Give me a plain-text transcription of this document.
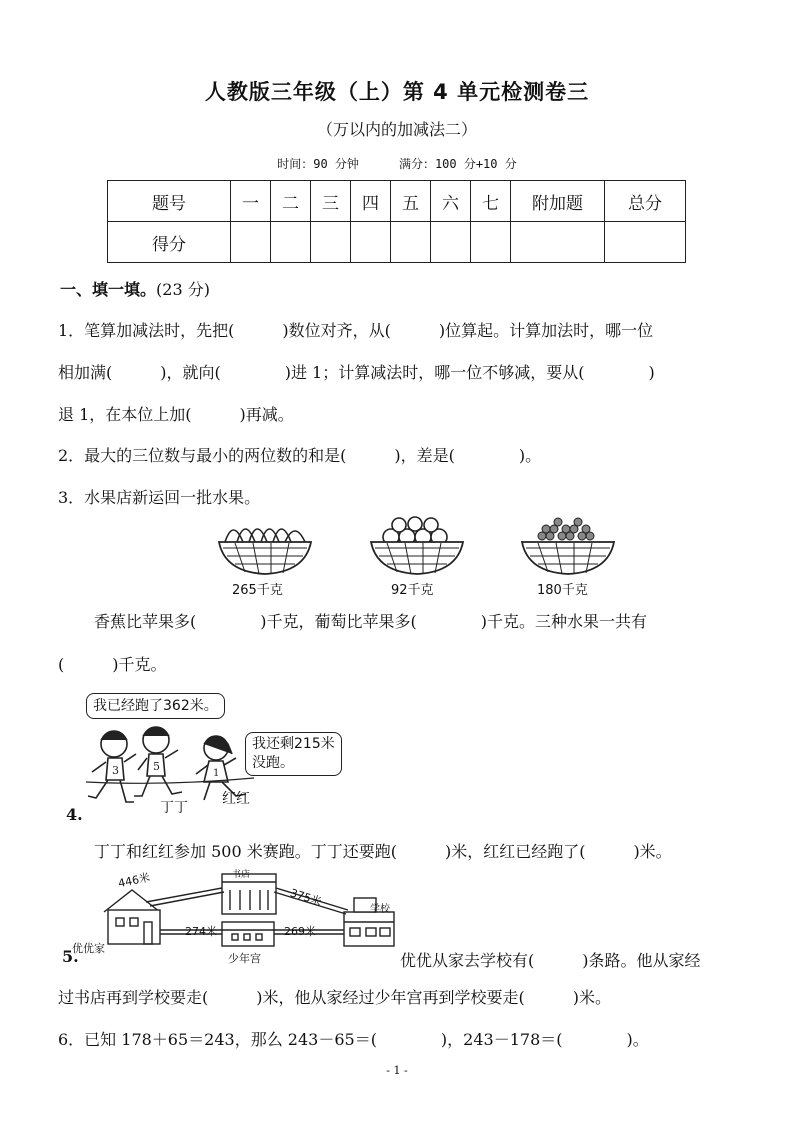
人教版三年级（上）第 4 单元检测卷三
（万以内的加减法二）
时间：90 分钟	满分：100 分+10 分
题号	一	二	三	四	五	六	七	附加题	总分
得分									
一、填一填。(23 分)
1．笔算加减法时，先把(　　　)数位对齐，从(　　　)位算起。计算加法时，哪一位
相加满(　　　)，就向(　　　　)进 1；计算减法时，哪一位不够减，要从(　　　　)
退 1，在本位上加(　　　)再减。
2．最大的三位数与最小的两位数的和是(　　　)，差是(　　　　)。
3．水果店新运回一批水果。
265千克	92千克	180千克
香蕉比苹果多(　　　　)千克，葡萄比苹果多(　　　　)千克。三种水果一共有
(　　　)千克。
我已经跑了362米。
我还剩215米
没跑。
3	5
1
丁丁
红红
4.
丁丁和红红参加 500 米赛跑。丁丁还要跑(　　　)米，红红已经跑了(　　　)米。
446米
375米
274米	269米
书店
学校
优优家
少年宫
5.	优优从家去学校有(　　　)条路。他从家经
过书店再到学校要走(　　　)米，他从家经过少年宫再到学校要走(　　　)米。
6．已知 178＋65＝243，那么 243－65＝(　　　　)，243－178＝(　　　　)。
- 1 -
